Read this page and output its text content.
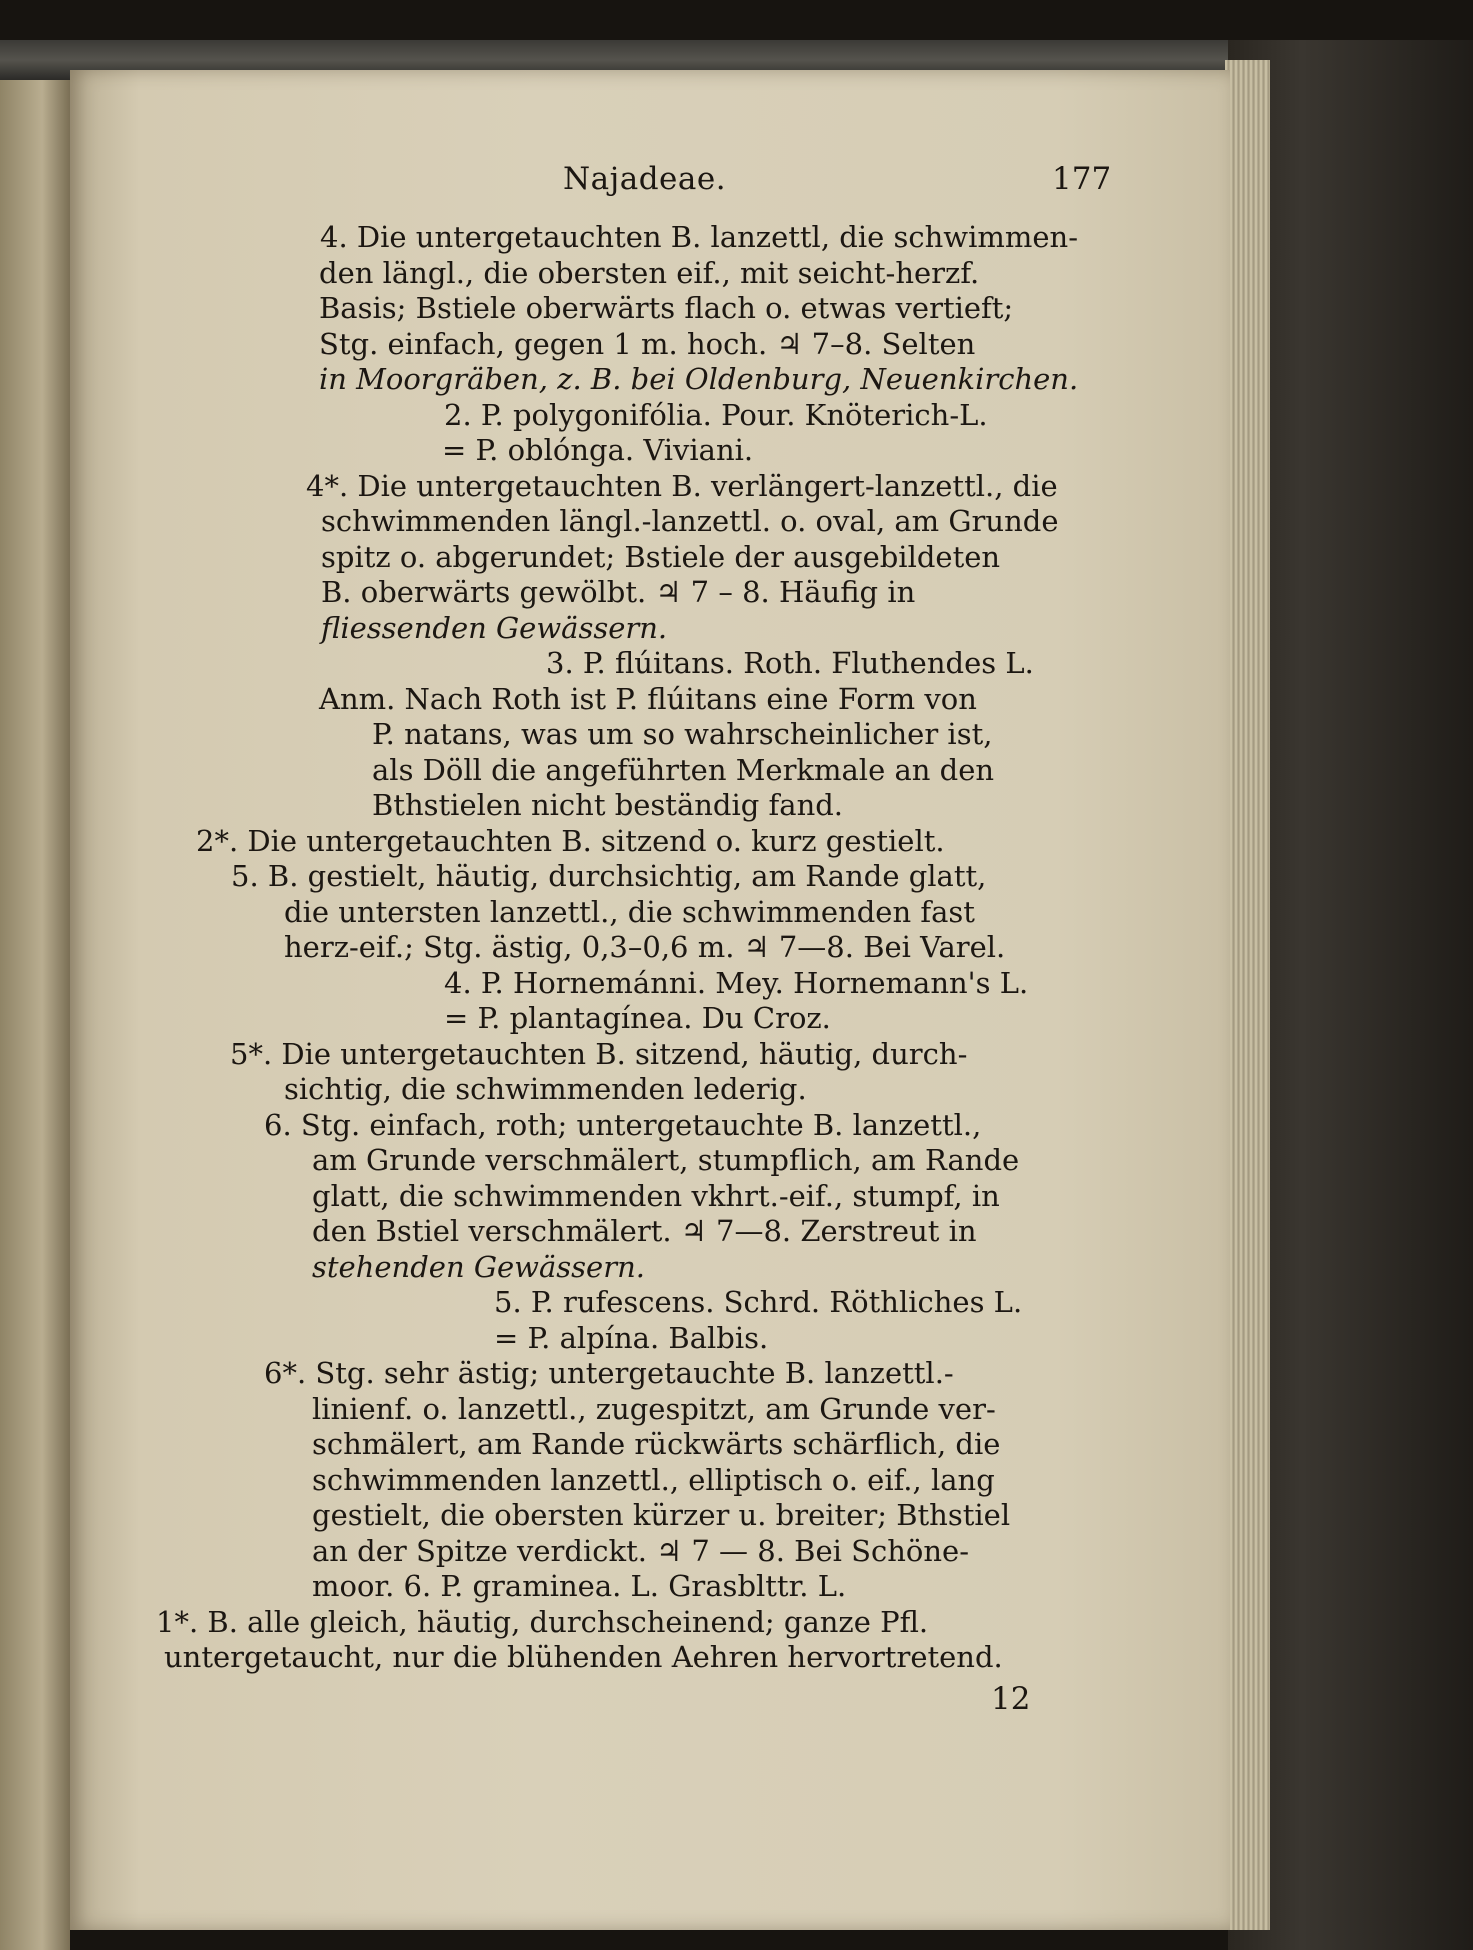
Najadeae.	177

4. Die untergetauchten B. lanzettl, die schwimmen-
den längl., die obersten eif., mit seicht-herzf.
Basis; Bstiele oberwärts flach o. etwas vertieft;
Stg. einfach, gegen 1 m. hoch. ♃ 7–8. Selten
in Moorgräben, z. B. bei Oldenburg, Neuenkirchen.
2. P. polygonifólia. Pour. Knöterich-L.
= P. oblónga. Viviani.
4*. Die untergetauchten B. verlängert-lanzettl., die
schwimmenden längl.-lanzettl. o. oval, am Grunde
spitz o. abgerundet; Bstiele der ausgebildeten
B. oberwärts gewölbt. ♃ 7 – 8. Häufig in
fliessenden Gewässern.
3. P. flúitans. Roth. Fluthendes L.
Anm. Nach Roth ist P. flúitans eine Form von
P. natans, was um so wahrscheinlicher ist,
als Döll die angeführten Merkmale an den
Bthstielen nicht beständig fand.
2*. Die untergetauchten B. sitzend o. kurz gestielt.
5. B. gestielt, häutig, durchsichtig, am Rande glatt,
die untersten lanzettl., die schwimmenden fast
herz-eif.; Stg. ästig, 0,3–0,6 m. ♃ 7—8. Bei Varel.
4. P. Hornemánni. Mey. Hornemann's L.
= P. plantagínea. Du Croz.
5*. Die untergetauchten B. sitzend, häutig, durch-
sichtig, die schwimmenden lederig.
6. Stg. einfach, roth; untergetauchte B. lanzettl.,
am Grunde verschmälert, stumpflich, am Rande
glatt, die schwimmenden vkhrt.-eif., stumpf, in
den Bstiel verschmälert. ♃ 7—8. Zerstreut in
stehenden Gewässern.
5. P. rufescens. Schrd. Röthliches L.
= P. alpína. Balbis.
6*. Stg. sehr ästig; untergetauchte B. lanzettl.-
linienf. o. lanzettl., zugespitzt, am Grunde ver-
schmälert, am Rande rückwärts schärflich, die
schwimmenden lanzettl., elliptisch o. eif., lang
gestielt, die obersten kürzer u. breiter; Bthstiel
an der Spitze verdickt. ♃ 7 — 8. Bei Schöne-
moor. 6. P. graminea. L. Grasblttr. L.
1*. B. alle gleich, häutig, durchscheinend; ganze Pfl.
untergetaucht, nur die blühenden Aehren hervortretend.

12
